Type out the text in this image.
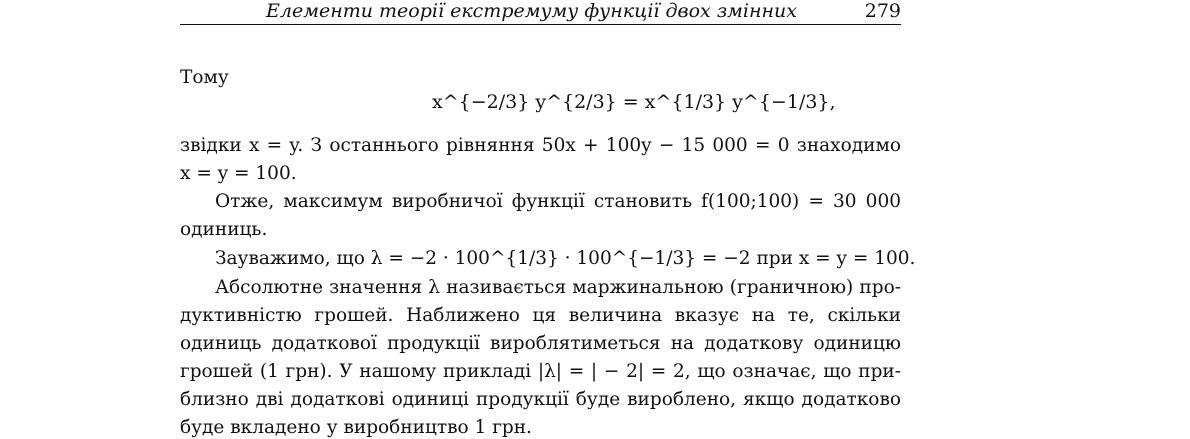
Елементи теорії екстремуму функції двох змінних	279
Тому
x^{−2/3} y^{2/3} = x^{1/3} y^{−1/3},
звідки x = y. З останнього рівняння 50x + 100y − 15 000 = 0 знаходимо
x = y = 100.
Отже, максимум виробничої функції становить f(100;100) = 30 000
одиниць.
Зауважимо, що λ = −2 · 100^{1/3} · 100^{−1/3} = −2 при x = y = 100.
Абсолютне значення λ називається маржинальною (граничною) про-
дуктивністю грошей. Наближено ця величина вказує на те, скільки
одиниць додаткової продукції вироблятиметься на додаткову одиницю
грошей (1 грн). У нашому прикладі |λ| = | − 2| = 2, що означає, що при-
близно дві додаткові одиниці продукції буде вироблено, якщо додатково
буде вкладено у виробництво 1 грн.
